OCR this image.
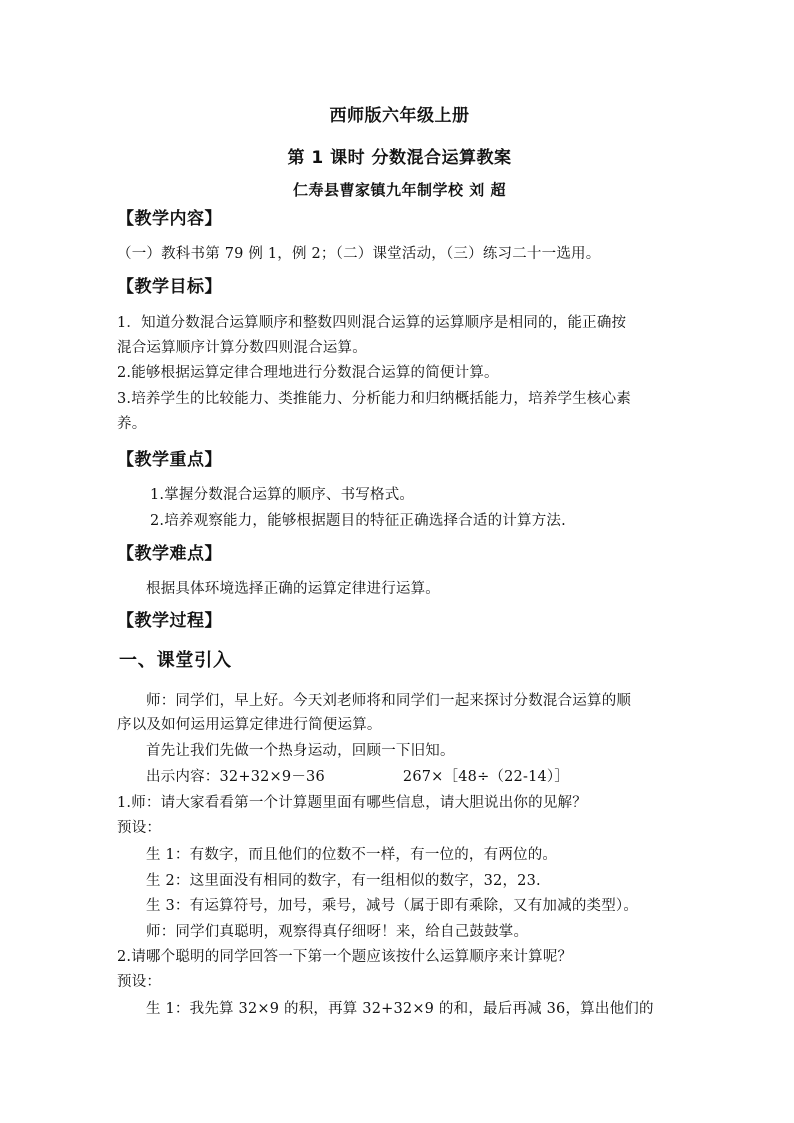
西师版六年级上册
第 1 课时 分数混合运算教案
仁寿县曹家镇九年制学校 刘 超
【教学内容】
（一）教科书第 79 例 1，例 2；（二）课堂活动，（三）练习二十一选用。
【教学目标】
1．知道分数混合运算顺序和整数四则混合运算的运算顺序是相同的，能正确按
混合运算顺序计算分数四则混合运算。
2.能够根据运算定律合理地进行分数混合运算的简便计算。
3.培养学生的比较能力、类推能力、分析能力和归纳概括能力，培养学生核心素
养。
【教学重点】
1.掌握分数混合运算的顺序、书写格式。
2.培养观察能力，能够根据题目的特征正确选择合适的计算方法.
【教学难点】
根据具体环境选择正确的运算定律进行运算。
【教学过程】
一、课堂引入
师：同学们，早上好。今天刘老师将和同学们一起来探讨分数混合运算的顺
序以及如何运用运算定律进行简便运算。
首先让我们先做一个热身运动，回顾一下旧知。
出示内容：32+32×9－36	267×［48÷（22-14）］
1.师：请大家看看第一个计算题里面有哪些信息，请大胆说出你的见解？
预设：
生 1：有数字，而且他们的位数不一样，有一位的，有两位的。
生 2：这里面没有相同的数字，有一组相似的数字，32，23.
生 3：有运算符号，加号，乘号，减号（属于即有乘除，又有加减的类型）。
师：同学们真聪明，观察得真仔细呀！来，给自己鼓鼓掌。
2.请哪个聪明的同学回答一下第一个题应该按什么运算顺序来计算呢？
预设：
生 1：我先算 32×9 的积，再算 32+32×9 的和，最后再减 36，算出他们的
